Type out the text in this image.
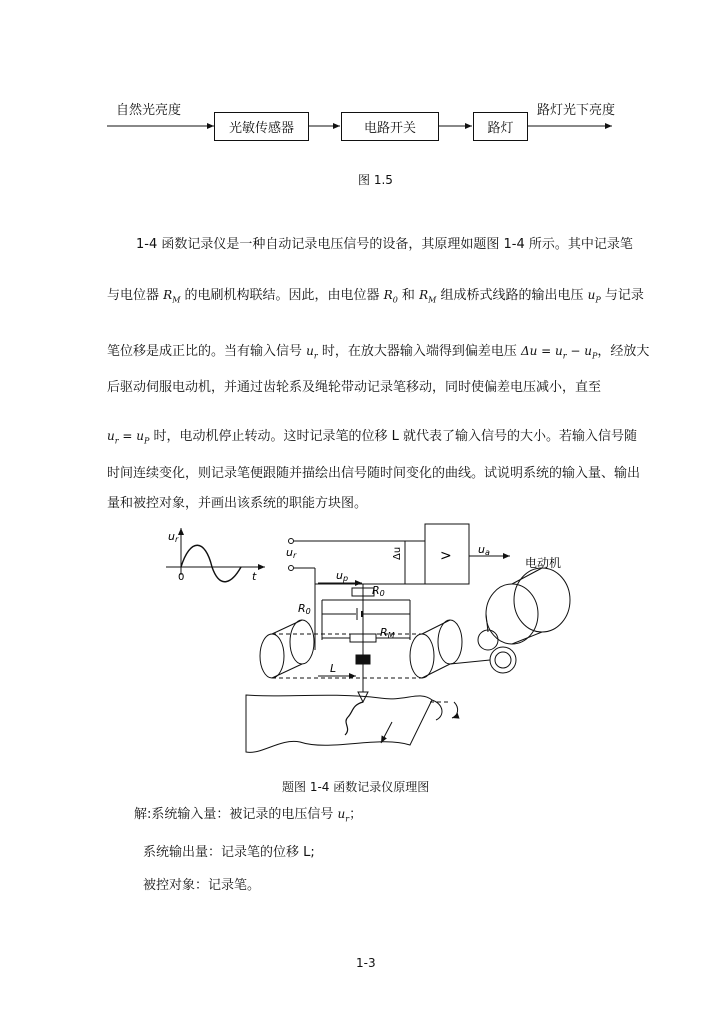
自然光亮度
光敏传感器	电路开关	路灯
路灯光下亮度
图 1.5
1-4 函数记录仪是一种自动记录电压信号的设备，其原理如题图 1-4 所示。其中记录笔
与电位器 $R_M$ 的电刷机构联结。因此，由电位器 $R_0$ 和 $R_M$ 组成桥式线路的输出电压 $u_P$ 与记录
笔位移是成正比的。当有输入信号 $u_r$ 时，在放大器输入端得到偏差电压 $\Delta u = u_r - u_P$，经放大
后驱动伺服电动机，并通过齿轮系及绳轮带动记录笔移动，同时使偏差电压减小，直至
$u_r = u_P$ 时，电动机停止转动。这时记录笔的位移 L 就代表了输入信号的大小。若输入信号随
时间连续变化，则记录笔便跟随并描绘出信号随时间变化的曲线。试说明系统的输入量、输出
量和被控对象，并画出该系统的职能方块图。
ur
0	t
ur	Δu	> ua
电动机
up
R0
R0
RM
L
题图 1-4 函数记录仪原理图
解:系统输入量：被记录的电压信号 $u_r$；
系统输出量：记录笔的位移 L;
被控对象：记录笔。
1-3
